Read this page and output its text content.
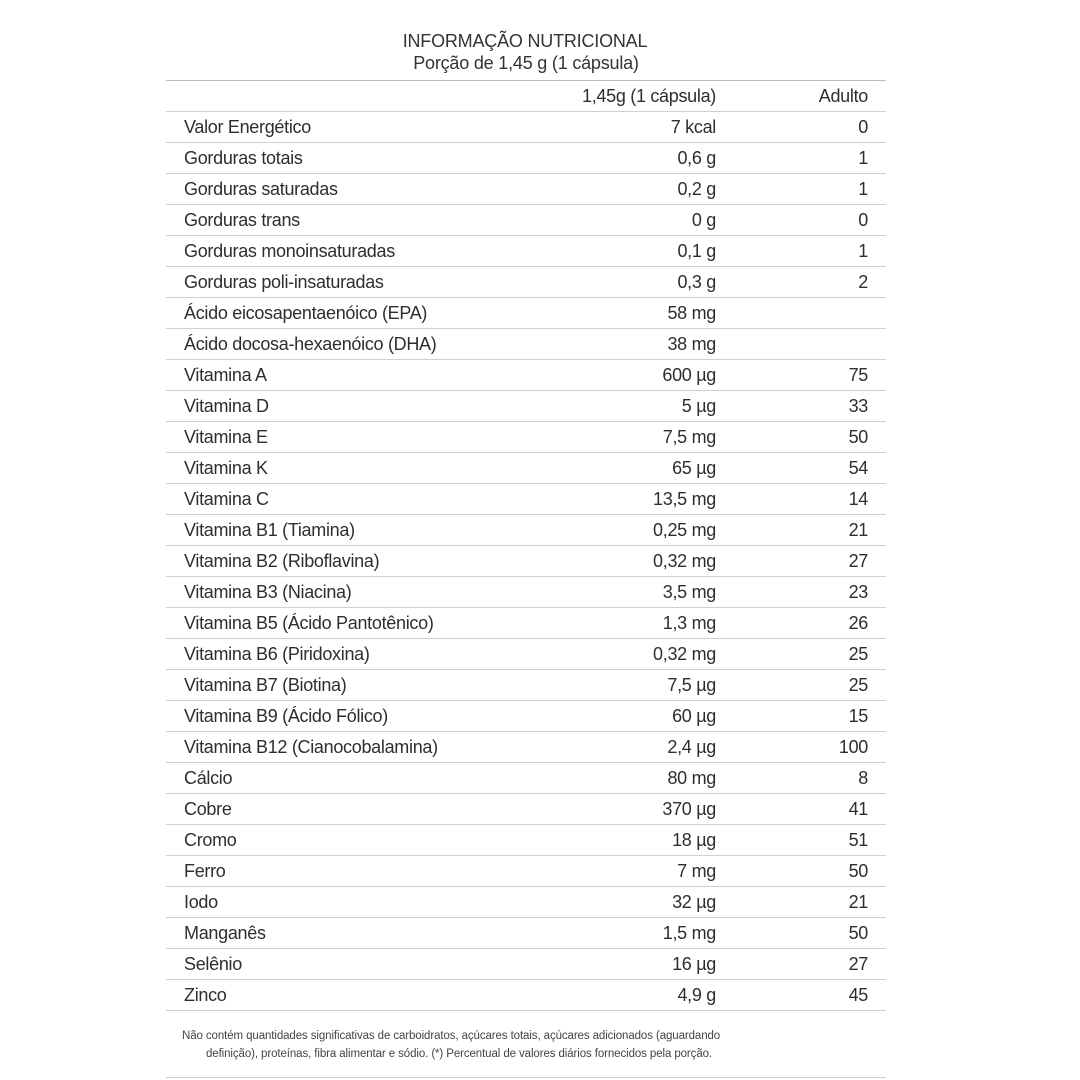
INFORMAÇÃO NUTRICIONAL
Porção de 1,45 g (1 cápsula)
	1,45g (1 cápsula)	Adulto
Valor Energético	7 kcal	0
Gorduras totais	0,6 g	1
Gorduras saturadas	0,2 g	1
Gorduras trans	0 g	0
Gorduras monoinsaturadas	0,1 g	1
Gorduras poli-insaturadas	0,3 g	2
Ácido eicosapentaenóico (EPA)	58 mg	
Ácido docosa-hexaenóico (DHA)	38 mg	
Vitamina A	600 µg	75
Vitamina D	5 µg	33
Vitamina E	7,5 mg	50
Vitamina K	65 µg	54
Vitamina C	13,5 mg	14
Vitamina B1 (Tiamina)	0,25 mg	21
Vitamina B2 (Riboflavina)	0,32 mg	27
Vitamina B3 (Niacina)	3,5 mg	23
Vitamina B5 (Ácido Pantotênico)	1,3 mg	26
Vitamina B6 (Piridoxina)	0,32 mg	25
Vitamina B7 (Biotina)	7,5 µg	25
Vitamina B9 (Ácido Fólico)	60 µg	15
Vitamina B12 (Cianocobalamina)	2,4 µg	100
Cálcio	80 mg	8
Cobre	370 µg	41
Cromo	18 µg	51
Ferro	7 mg	50
Iodo	32 µg	21
Manganês	1,5 mg	50
Selênio	16 µg	27
Zinco	4,9 g	45
Não contém quantidades significativas de carboidratos, açúcares totais, açúcares adicionados (aguardando
definição), proteínas, fibra alimentar e sódio. (*) Percentual de valores diários fornecidos pela porção.
